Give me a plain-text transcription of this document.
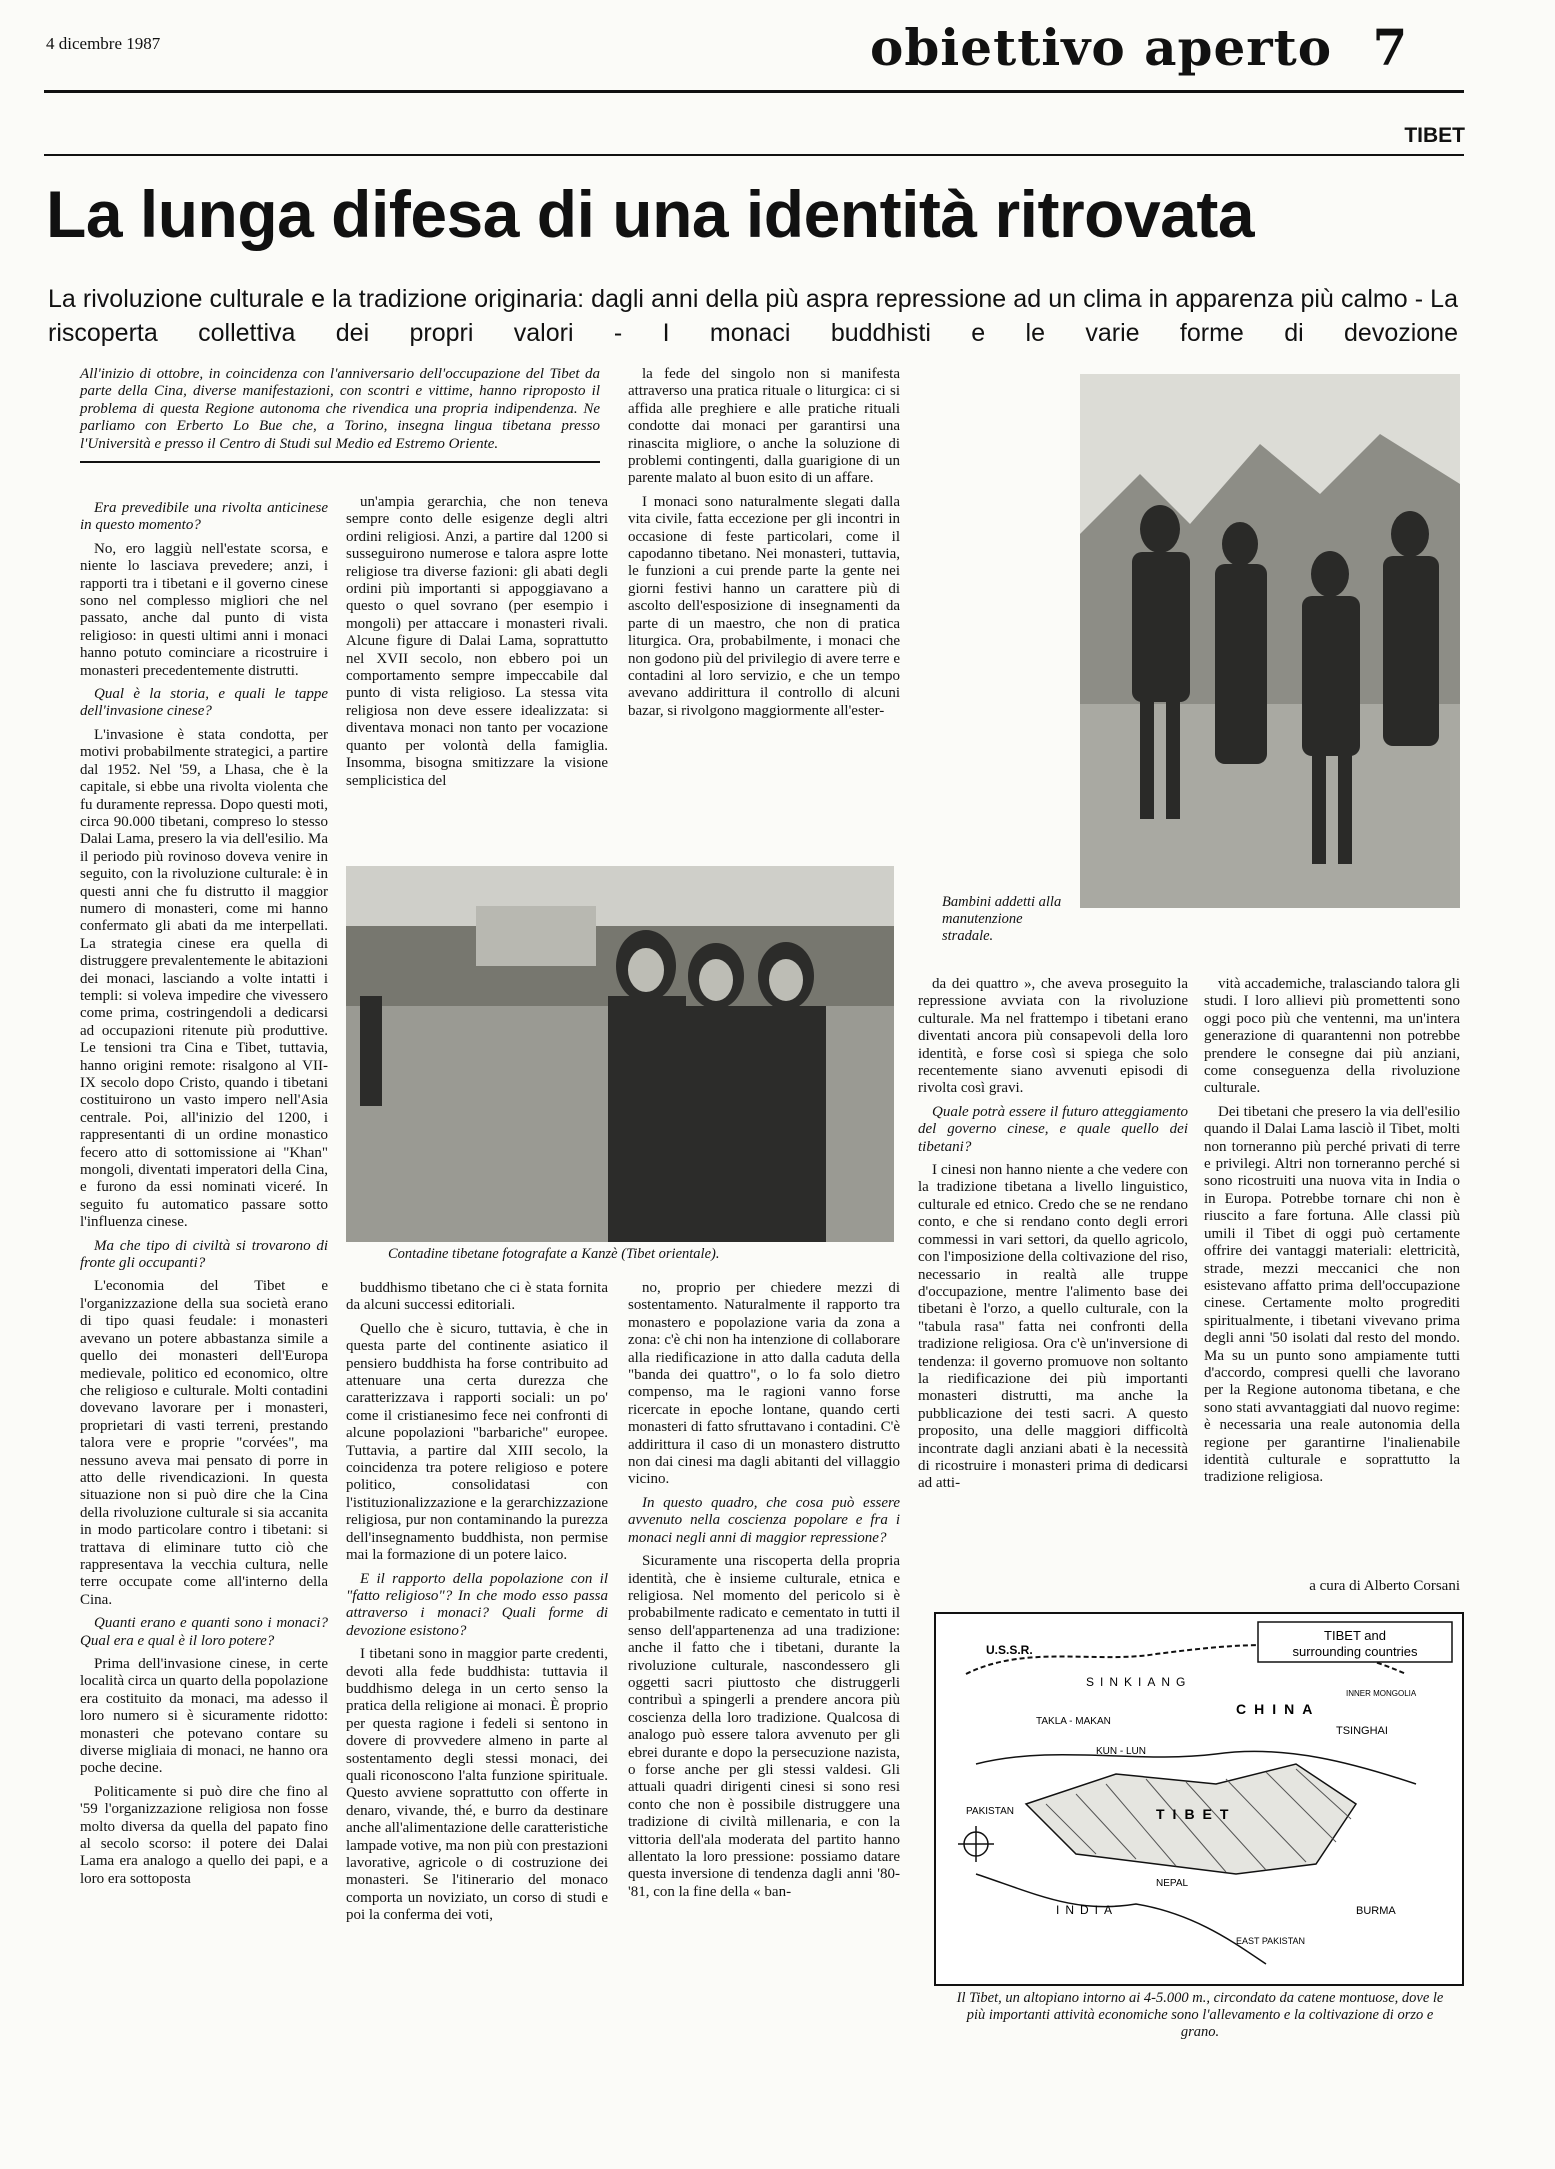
4 dicembre 1987	obiettivo aperto 7
TIBET
La lunga difesa di una identità ritrovata
La rivoluzione culturale e la tradizione originaria: dagli anni della più aspra repressione ad un clima in apparenza più calmo - La riscoperta collettiva dei propri valori - I monaci buddhisti e le varie forme di devozione
All'inizio di ottobre, in coincidenza con l'anniversario dell'occupazione del Tibet da parte della Cina, diverse manifestazioni, con scontri e vittime, hanno riproposto il problema di questa Regione autonoma che rivendica una propria indipendenza. Ne parliamo con Erberto Lo Bue che, a Torino, insegna lingua tibetana presso l'Università e presso il Centro di Studi sul Medio ed Estremo Oriente.

Era prevedibile una rivolta anticinese in questo momento?

No, ero laggiù nell'estate scorsa, e niente lo lasciava prevedere; anzi, i rapporti tra i tibetani e il governo cinese sono nel complesso migliori che nel passato, anche dal punto di vista religioso: in questi ultimi anni i monaci hanno potuto cominciare a ricostruire i monasteri precedentemente distrutti.

Qual è la storia, e quali le tappe dell'invasione cinese?

L'invasione è stata condotta, per motivi probabilmente strategici, a partire dal 1952. Nel '59, a Lhasa, che è la capitale, si ebbe una rivolta violenta che fu duramente repressa. Dopo questi moti, circa 90.000 tibetani, compreso lo stesso Dalai Lama, presero la via dell'esilio. Ma il periodo più rovinoso doveva venire in seguito, con la rivoluzione culturale: è in questi anni che fu distrutto il maggior numero di monasteri, come mi hanno confermato gli abati da me interpellati. La strategia cinese era quella di distruggere prevalentemente le abitazioni dei monaci, lasciando a volte intatti i templi: si voleva impedire che vivessero come prima, costringendoli a dedicarsi ad occupazioni ritenute più produttive. Le tensioni tra Cina e Tibet, tuttavia, hanno origini remote: risalgono al VII-IX secolo dopo Cristo, quando i tibetani costituirono un vasto impero nell'Asia centrale. Poi, all'inizio del 1200, i rappresentanti di un ordine monastico fecero atto di sottomissione ai "Khan" mongoli, diventati imperatori della Cina, e furono da essi nominati viceré. In seguito fu automatico passare sotto l'influenza cinese.

Ma che tipo di civiltà si trovarono di fronte gli occupanti?

L'economia del Tibet e l'organizzazione della sua società erano di tipo quasi feudale: i monasteri avevano un potere abbastanza simile a quello dei monasteri dell'Europa medievale, politico ed economico, oltre che religioso e culturale. Molti contadini dovevano lavorare per i monasteri, proprietari di vasti terreni, prestando talora vere e proprie "corvées", ma nessuno aveva mai pensato di porre in atto delle rivendicazioni. In questa situazione non si può dire che la Cina della rivoluzione culturale si sia accanita in modo particolare contro i tibetani: si trattava di eliminare tutto ciò che rappresentava la vecchia cultura, nelle terre occupate come all'interno della Cina.

Quanti erano e quanti sono i monaci? Qual era e qual è il loro potere?

Prima dell'invasione cinese, in certe località circa un quarto della popolazione era costituito da monaci, ma adesso il loro numero si è sicuramente ridotto: monasteri che potevano contare su diverse migliaia di monaci, ne hanno ora poche decine.

Politicamente si può dire che fino al '59 l'organizzazione religiosa non fosse molto diversa da quella del papato fino al secolo scorso: il potere dei Dalai Lama era analogo a quello dei papi, e a loro era sottoposta

un'ampia gerarchia, che non teneva sempre conto delle esigenze degli altri ordini religiosi. Anzi, a partire dal 1200 si susseguirono numerose e talora aspre lotte religiose tra diverse fazioni: gli abati degli ordini più importanti si appoggiavano a questo o quel sovrano (per esempio i mongoli) per attaccare i monasteri rivali. Alcune figure di Dalai Lama, soprattutto nel XVII secolo, non ebbero poi un comportamento sempre impeccabile dal punto di vista religioso. La stessa vita religiosa non deve essere idealizzata: si diventava monaci non tanto per vocazione quanto per volontà della famiglia. Insomma, bisogna smitizzare la visione semplicistica del

la fede del singolo non si manifesta attraverso una pratica rituale o liturgica: ci si affida alle preghiere e alle pratiche rituali condotte dai monaci per garantirsi una rinascita migliore, o anche la soluzione di problemi contingenti, dalla guarigione di un parente malato al buon esito di un affare.

I monaci sono naturalmente slegati dalla vita civile, fatta eccezione per gli incontri in occasione di feste particolari, come il capodanno tibetano. Nei monasteri, tuttavia, le funzioni a cui prende parte la gente nei giorni festivi hanno un carattere più di ascolto dell'esposizione di insegnamenti da parte di un maestro, che non di pratica liturgica. Ora, probabilmente, i monaci che non godono più del privilegio di avere terre e contadini al loro servizio, e che un tempo avevano addirittura il controllo di alcuni bazar, si rivolgono maggiormente all'ester-

Bambini addetti alla manutenzione stradale.
Contadine tibetane fotografate a Kanzè (Tibet orientale).

buddhismo tibetano che ci è stata fornita da alcuni successi editoriali.

Quello che è sicuro, tuttavia, è che in questa parte del continente asiatico il pensiero buddhista ha forse contribuito ad attenuare una certa durezza che caratterizzava i rapporti sociali: un po' come il cristianesimo fece nei confronti di alcune popolazioni "barbariche" europee. Tuttavia, a partire dal XIII secolo, la coincidenza tra potere religioso e potere politico, consolidatasi con l'istituzionalizzazione e la gerarchizzazione religiosa, pur non contaminando la purezza dell'insegnamento buddhista, non permise mai la formazione di un potere laico.

E il rapporto della popolazione con il "fatto religioso"? In che modo esso passa attraverso i monaci? Quali forme di devozione esistono?

I tibetani sono in maggior parte credenti, devoti alla fede buddhista: tuttavia il buddhismo delega in un certo senso la pratica della religione ai monaci. È proprio per questa ragione i fedeli si sentono in dovere di provvedere almeno in parte al sostentamento degli stessi monaci, dei quali riconoscono l'alta funzione spirituale. Questo avviene soprattutto con offerte in denaro, vivande, thé, e burro da destinare anche all'alimentazione delle caratteristiche lampade votive, ma non più con prestazioni lavorative, agricole o di costruzione dei monasteri. Se l'itinerario del monaco comporta un noviziato, un corso di studi e poi la conferma dei voti,

no, proprio per chiedere mezzi di sostentamento. Naturalmente il rapporto tra monastero e popolazione varia da zona a zona: c'è chi non ha intenzione di collaborare alla riedificazione in atto dalla caduta della "banda dei quattro", o lo fa solo dietro compenso, ma le ragioni vanno forse ricercate in epoche lontane, quando certi monasteri di fatto sfruttavano i contadini. C'è addirittura il caso di un monastero distrutto non dai cinesi ma dagli abitanti del villaggio vicino.

In questo quadro, che cosa può essere avvenuto nella coscienza popolare e fra i monaci negli anni di maggior repressione?

Sicuramente una riscoperta della propria identità, che è insieme culturale, etnica e religiosa. Nel momento del pericolo si è probabilmente radicato e cementato in tutti il senso dell'appartenenza ad una tradizione: anche il fatto che i tibetani, durante la rivoluzione culturale, nascondessero gli oggetti sacri piuttosto che distruggerli contribuì a spingerli a prendere ancora più coscienza della loro tradizione. Qualcosa di analogo può essere talora avvenuto per gli ebrei durante e dopo la persecuzione nazista, o forse anche per gli stessi valdesi. Gli attuali quadri dirigenti cinesi si sono resi conto che non è possibile distruggere una tradizione di civiltà millenaria, e con la vittoria dell'ala moderata del partito hanno allentato la loro pressione: possiamo datare questa inversione di tendenza dagli anni '80-'81, con la fine della « ban-

da dei quattro », che aveva proseguito la repressione avviata con la rivoluzione culturale. Ma nel frattempo i tibetani erano diventati ancora più consapevoli della loro identità, e forse così si spiega che solo recentemente siano avvenuti episodi di rivolta così gravi.

Quale potrà essere il futuro atteggiamento del governo cinese, e quale quello dei tibetani?

I cinesi non hanno niente a che vedere con la tradizione tibetana a livello linguistico, culturale ed etnico. Credo che se ne rendano conto, e che si rendano conto degli errori commessi in vari settori, da quello agricolo, con l'imposizione della coltivazione del riso, necessario in realtà alle truppe d'occupazione, mentre l'alimento base dei tibetani è l'orzo, a quello culturale, con la "tabula rasa" fatta nei confronti della tradizione religiosa. Ora c'è un'inversione di tendenza: il governo promuove non soltanto la riedificazione dei più importanti monasteri distrutti, ma anche la pubblicazione dei testi sacri. A questo proposito, una delle maggiori difficoltà incontrate dagli anziani abati è la necessità di ricostruire i monasteri prima di dedicarsi ad atti-

vità accademiche, tralasciando talora gli studi. I loro allievi più promettenti sono oggi poco più che ventenni, ma un'intera generazione di quarantenni non potrebbe prendere le consegne dai più anziani, come conseguenza della rivoluzione culturale.

Dei tibetani che presero la via dell'esilio quando il Dalai Lama lasciò il Tibet, molti non torneranno più perché privati di terre e privilegi. Altri non torneranno perché si sono ricostruiti una nuova vita in India o in Europa. Potrebbe tornare chi non è riuscito a fare fortuna. Alle classi più umili il Tibet di oggi può certamente offrire dei vantaggi materiali: elettricità, strade, mezzi meccanici che non esistevano affatto prima dell'occupazione cinese. Certamente molto progrediti spiritualmente, i tibetani vivevano prima degli anni '50 isolati dal resto del mondo. Ma su un punto sono ampiamente tutti d'accordo, compresi quelli che lavorano per la Regione autonoma tibetana, e che sono stati avvantaggiati dal nuovo regime: è necessaria una reale autonomia della regione per garantirne l'inalienabile identità culturale e soprattutto la tradizione religiosa.

a cura di Alberto Corsani
TIBET and
surrounding countries
U.S.S.R.
SINKIANG
CHINA
TSINGHAI
TIBET
INDIA
NEPAL
BURMA
PAKISTAN
TAKLA - MAKAN
KUN - LUN
EAST PAKISTAN
INNER MONGOLIA
Il Tibet, un altopiano intorno ai 4-5.000 m., circondato da catene montuose, dove le più importanti attività economiche sono l'allevamento e la coltivazione di orzo e grano.
